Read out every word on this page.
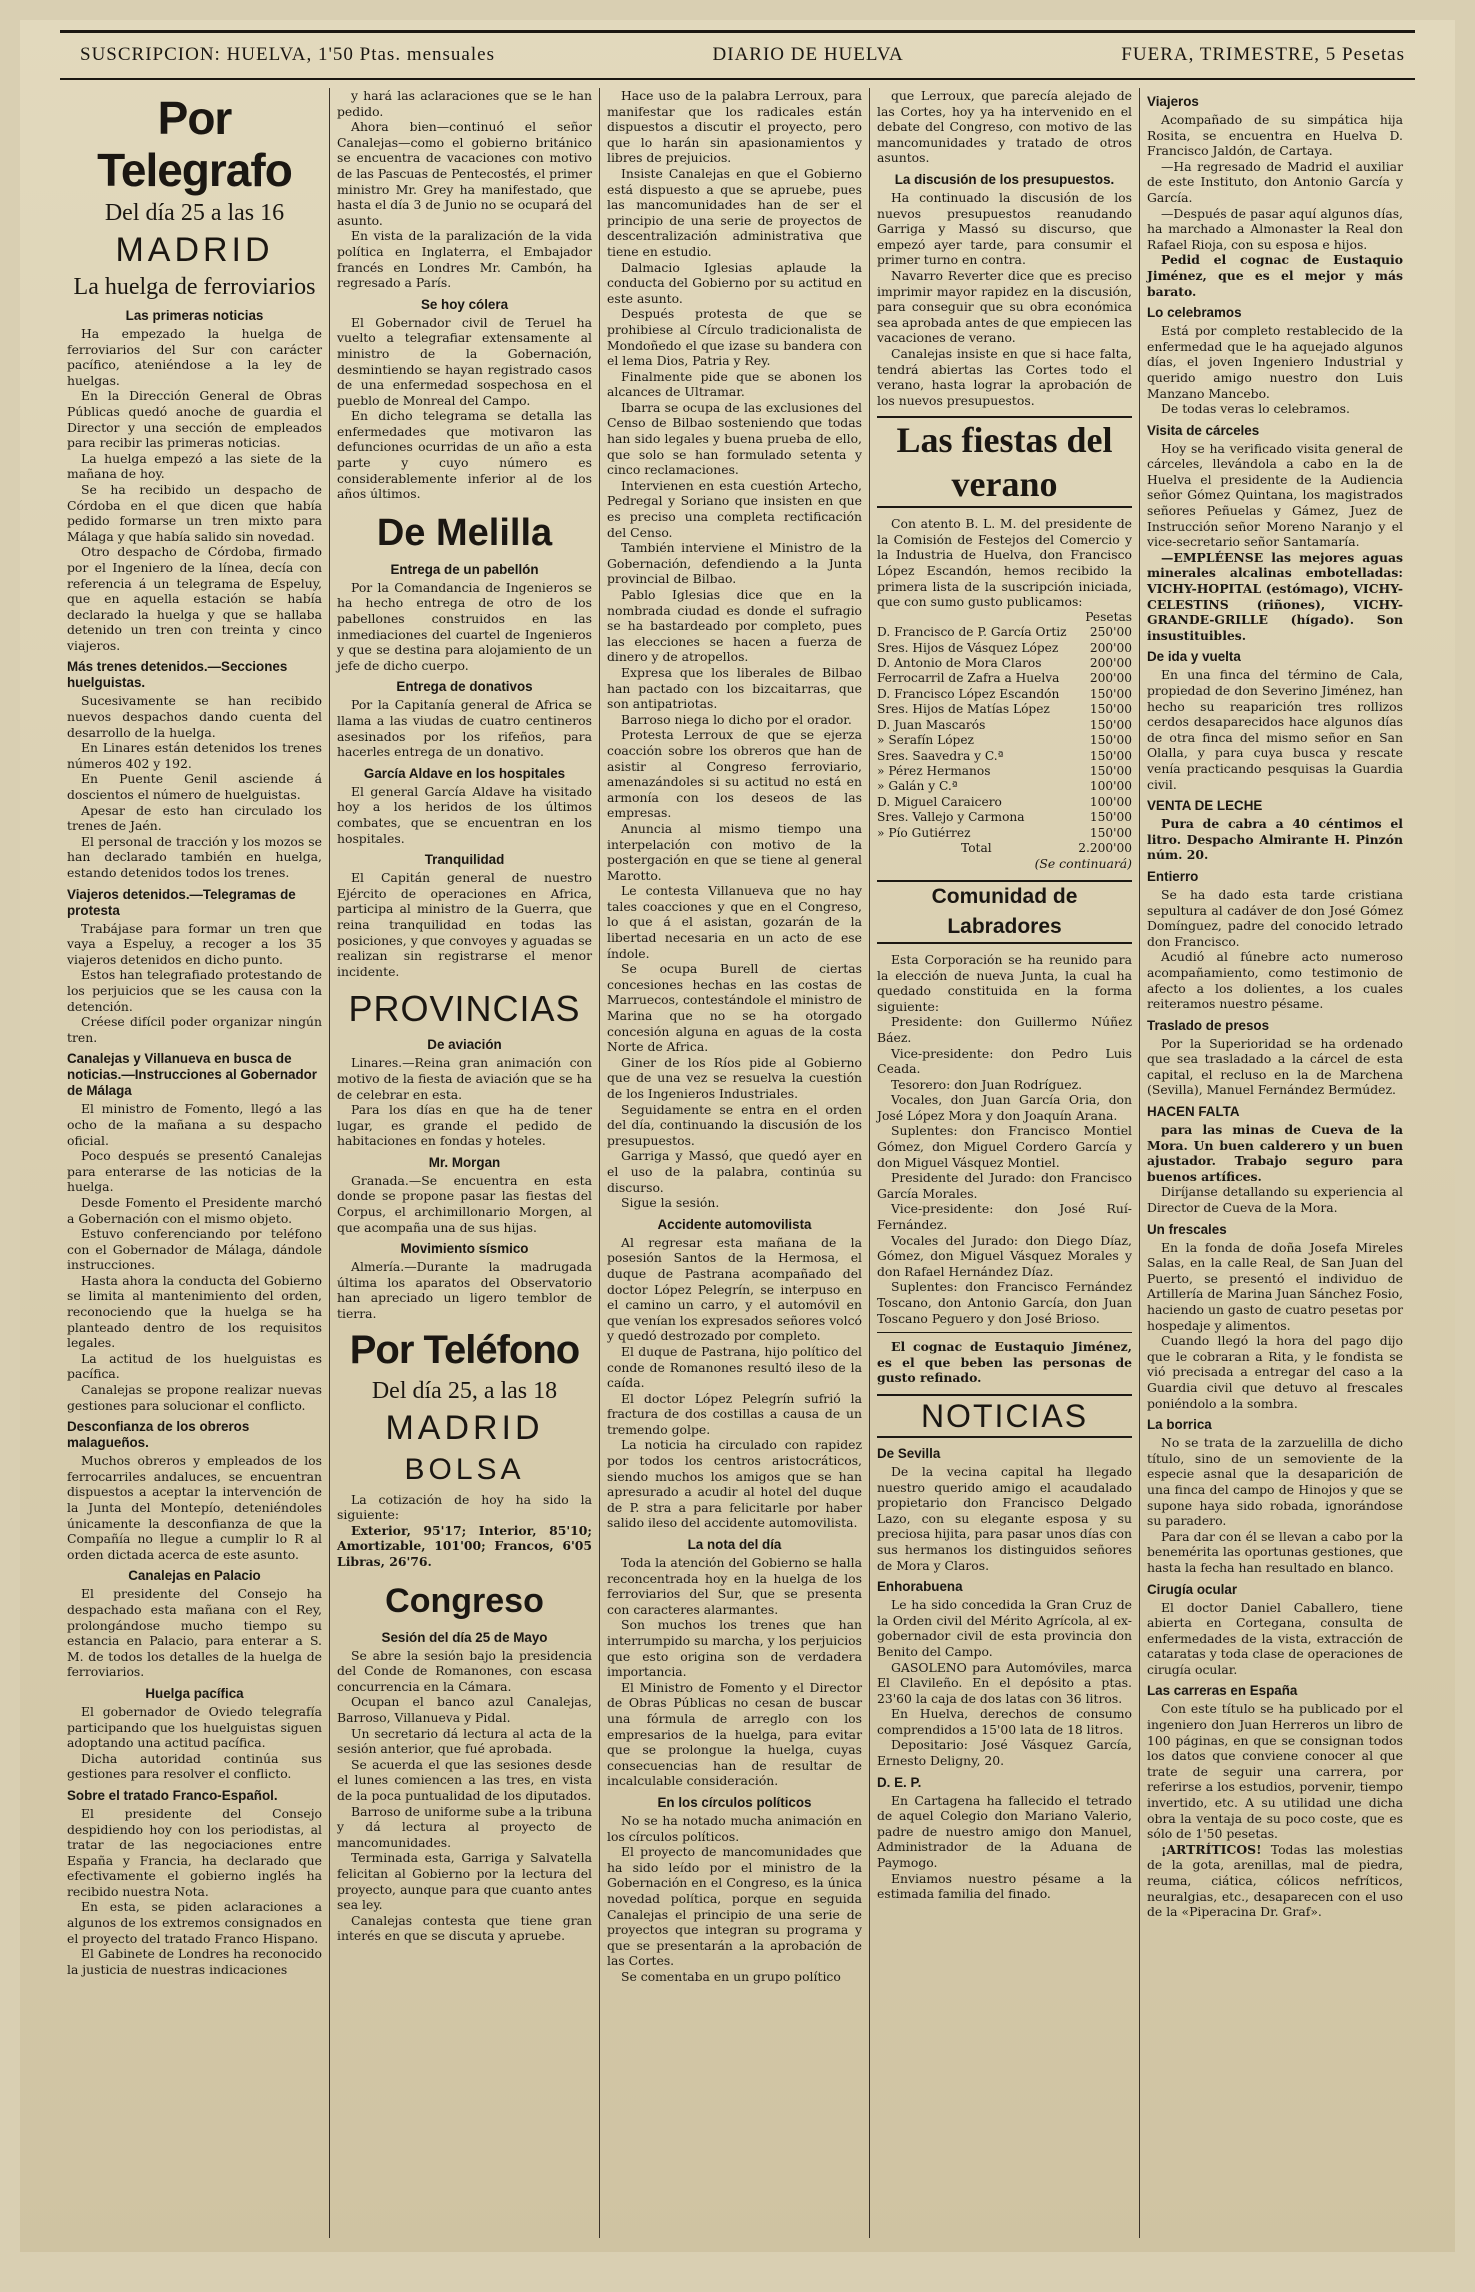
SUSCRIPCION: HUELVA, 1'50 Ptas. mensuales	DIARIO DE HUELVA	FUERA, TRIMESTRE, 5 Pesetas
Por Telegrafo
Del día 25 a las 16
MADRID
La huelga de ferroviarios
Las primeras noticias

Ha empezado la huelga de ferroviarios del Sur con carácter pacífico, ateniéndose a la ley de huelgas.

En la Dirección General de Obras Públicas quedó anoche de guardia el Director y una sección de empleados para recibir las primeras noticias.

La huelga empezó a las siete de la mañana de hoy.

Se ha recibido un despacho de Córdoba en el que dicen que había pedido formarse un tren mixto para Málaga y que había salido sin novedad.

Otro despacho de Córdoba, firmado por el Ingeniero de la línea, decía con referencia á un telegrama de Espeluy, que en aquella estación se había declarado la huelga y que se hallaba detenido un tren con treinta y cinco viajeros.

Más trenes detenidos.—Secciones huelguistas.

Sucesivamente se han recibido nuevos despachos dando cuenta del desarrollo de la huelga.

En Linares están detenidos los trenes números 402 y 192.

En Puente Genil asciende á doscientos el número de huelguistas.

Apesar de esto han circulado los trenes de Jaén.

El personal de tracción y los mozos se han declarado también en huelga, estando detenidos todos los trenes.

Viajeros detenidos.—Telegramas de protesta

Trabájase para formar un tren que vaya a Espeluy, a recoger a los 35 viajeros detenidos en dicho punto.

Estos han telegrafiado protestando de los perjuicios que se les causa con la detención.

Créese difícil poder organizar ningún tren.

Canalejas y Villanueva en busca de noticias.—Instrucciones al Gobernador de Málaga

El ministro de Fomento, llegó a las ocho de la mañana a su despacho oficial.

Poco después se presentó Canalejas para enterarse de las noticias de la huelga.

Desde Fomento el Presidente marchó a Gobernación con el mismo objeto.

Estuvo conferenciando por teléfono con el Gobernador de Málaga, dándole instrucciones.

Hasta ahora la conducta del Gobierno se limita al mantenimiento del orden, reconociendo que la huelga se ha planteado dentro de los requisitos legales.

La actitud de los huelguistas es pacífica.

Canalejas se propone realizar nuevas gestiones para solucionar el conflicto.

Desconfianza de los obreros malagueños.

Muchos obreros y empleados de los ferrocarriles andaluces, se encuentran dispuestos a aceptar la intervención de la Junta del Montepío, deteniéndoles únicamente la desconfianza de que la Compañía no llegue a cumplir lo R al orden dictada acerca de este asunto.

Canalejas en Palacio

El presidente del Consejo ha despachado esta mañana con el Rey, prolongándose mucho tiempo su estancia en Palacio, para enterar a S. M. de todos los detalles de la huelga de ferroviarios.

Huelga pacífica

El gobernador de Oviedo telegrafía participando que los huelguistas siguen adoptando una actitud pacífica.

Dicha autoridad continúa sus gestiones para resolver el conflicto.

Sobre el tratado Franco-Español.

El presidente del Consejo despidiendo hoy con los periodistas, al tratar de las negociaciones entre España y Francia, ha declarado que efectivamente el gobierno inglés ha recibido nuestra Nota.

En esta, se piden aclaraciones a algunos de los extremos consignados en el proyecto del tratado Franco Hispano.

El Gabinete de Londres ha reconocido la justicia de nuestras indicaciones

y hará las aclaraciones que se le han pedido.

Ahora bien—continuó el señor Canalejas—como el gobierno británico se encuentra de vacaciones con motivo de las Pascuas de Pentecostés, el primer ministro Mr. Grey ha manifestado, que hasta el día 3 de Junio no se ocupará del asunto.

En vista de la paralización de la vida política en Inglaterra, el Embajador francés en Londres Mr. Cambón, ha regresado a París.

Se hoy cólera

El Gobernador civil de Teruel ha vuelto a telegrafiar extensamente al ministro de la Gobernación, desmintiendo se hayan registrado casos de una enfermedad sospechosa en el pueblo de Monreal del Campo.

En dicho telegrama se detalla las enfermedades que motivaron las defunciones ocurridas de un año a esta parte y cuyo número es considerablemente inferior al de los años últimos.

De Melilla
Entrega de un pabellón

Por la Comandancia de Ingenieros se ha hecho entrega de otro de los pabellones construidos en las inmediaciones del cuartel de Ingenieros y que se destina para alojamiento de un jefe de dicho cuerpo.

Entrega de donativos

Por la Capitanía general de Africa se llama a las viudas de cuatro centineros asesinados por los rifeños, para hacerles entrega de un donativo.

García Aldave en los hospitales

El general García Aldave ha visitado hoy a los heridos de los últimos combates, que se encuentran en los hospitales.

Tranquilidad

El Capitán general de nuestro Ejército de operaciones en Africa, participa al ministro de la Guerra, que reina tranquilidad en todas las posiciones, y que convoyes y aguadas se realizan sin registrarse el menor incidente.

PROVINCIAS
De aviación

Linares.—Reina gran animación con motivo de la fiesta de aviación que se ha de celebrar en esta.

Para los días en que ha de tener lugar, es grande el pedido de habitaciones en fondas y hoteles.

Mr. Morgan

Granada.—Se encuentra en esta donde se propone pasar las fiestas del Corpus, el archimillonario Morgen, al que acompaña una de sus hijas.

Movimiento sísmico

Almería.—Durante la madrugada última los aparatos del Observatorio han apreciado un ligero temblor de tierra.

Por Teléfono
Del día 25, a las 18
MADRID
BOLSA

La cotización de hoy ha sido la siguiente:

Exterior, 95'17; Interior, 85'10; Amortizable, 101'00; Francos, 6'05 Libras, 26'76.

Congreso
Sesión del día 25 de Mayo

Se abre la sesión bajo la presidencia del Conde de Romanones, con escasa concurrencia en la Cámara.

Ocupan el banco azul Canalejas, Barroso, Villanueva y Pidal.

Un secretario dá lectura al acta de la sesión anterior, que fué aprobada.

Se acuerda el que las sesiones desde el lunes comiencen a las tres, en vista de la poca puntualidad de los diputados.

Barroso de uniforme sube a la tribuna y dá lectura al proyecto de mancomunidades.

Terminada esta, Garriga y Salvatella felicitan al Gobierno por la lectura del proyecto, aunque para que cuanto antes sea ley.

Canalejas contesta que tiene gran interés en que se discuta y apruebe.

Hace uso de la palabra Lerroux, para manifestar que los radicales están dispuestos a discutir el proyecto, pero que lo harán sin apasionamientos y libres de prejuicios.

Insiste Canalejas en que el Gobierno está dispuesto a que se apruebe, pues las mancomunidades han de ser el principio de una serie de proyectos de descentralización administrativa que tiene en estudio.

Dalmacio Iglesias aplaude la conducta del Gobierno por su actitud en este asunto.

Después protesta de que se prohibiese al Círculo tradicionalista de Mondoñedo el que izase su bandera con el lema Dios, Patria y Rey.

Finalmente pide que se abonen los alcances de Ultramar.

Ibarra se ocupa de las exclusiones del Censo de Bilbao sosteniendo que todas han sido legales y buena prueba de ello, que solo se han formulado setenta y cinco reclamaciones.

Intervienen en esta cuestión Artecho, Pedregal y Soriano que insisten en que es preciso una completa rectificación del Censo.

También interviene el Ministro de la Gobernación, defendiendo a la Junta provincial de Bilbao.

Pablo Iglesias dice que en la nombrada ciudad es donde el sufragio se ha bastardeado por completo, pues las elecciones se hacen a fuerza de dinero y de atropellos.

Expresa que los liberales de Bilbao han pactado con los bizcaitarras, que son antipatriotas.

Barroso niega lo dicho por el orador.

Protesta Lerroux de que se ejerza coacción sobre los obreros que han de asistir al Congreso ferroviario, amenazándoles si su actitud no está en armonía con los deseos de las empresas.

Anuncia al mismo tiempo una interpelación con motivo de la postergación en que se tiene al general Marotto.

Le contesta Villanueva que no hay tales coacciones y que en el Congreso, lo que á el asistan, gozarán de la libertad necesaria en un acto de ese índole.

Se ocupa Burell de ciertas concesiones hechas en las costas de Marruecos, contestándole el ministro de Marina que no se ha otorgado concesión alguna en aguas de la costa Norte de Africa.

Giner de los Ríos pide al Gobierno que de una vez se resuelva la cuestión de los Ingenieros Industriales.

Seguidamente se entra en el orden del día, continuando la discusión de los presupuestos.

Garriga y Massó, que quedó ayer en el uso de la palabra, continúa su discurso.

Sigue la sesión.

Accidente automovilista

Al regresar esta mañana de la posesión Santos de la Hermosa, el duque de Pastrana acompañado del doctor López Pelegrín, se interpuso en el camino un carro, y el automóvil en que venían los expresados señores volcó y quedó destrozado por completo.

El duque de Pastrana, hijo político del conde de Romanones resultó ileso de la caída.

El doctor López Pelegrín sufrió la fractura de dos costillas a causa de un tremendo golpe.

La noticia ha circulado con rapidez por todos los centros aristocráticos, siendo muchos los amigos que se han apresurado a acudir al hotel del duque de P. stra a para felicitarle por haber salido ileso del accidente automovilista.

La nota del día

Toda la atención del Gobierno se halla reconcentrada hoy en la huelga de los ferroviarios del Sur, que se presenta con caracteres alarmantes.

Son muchos los trenes que han interrumpido su marcha, y los perjuicios que esto origina son de verdadera importancia.

El Ministro de Fomento y el Director de Obras Públicas no cesan de buscar una fórmula de arreglo con los empresarios de la huelga, para evitar que se prolongue la huelga, cuyas consecuencias han de resultar de incalculable consideración.

En los círculos políticos

No se ha notado mucha animación en los círculos políticos.

El proyecto de mancomunidades que ha sido leído por el ministro de la Gobernación en el Congreso, es la única novedad política, porque en seguida Canalejas el principio de una serie de proyectos que integran su programa y que se presentarán a la aprobación de las Cortes.

Se comentaba en un grupo político

que Lerroux, que parecía alejado de las Cortes, hoy ya ha intervenido en el debate del Congreso, con motivo de las mancomunidades y tratado de otros asuntos.

La discusión de los presupuestos.

Ha continuado la discusión de los nuevos presupuestos reanudando Garriga y Massó su discurso, que empezó ayer tarde, para consumir el primer turno en contra.

Navarro Reverter dice que es preciso imprimir mayor rapidez en la discusión, para conseguir que su obra económica sea aprobada antes de que empiecen las vacaciones de verano.

Canalejas insiste en que si hace falta, tendrá abiertas las Cortes todo el verano, hasta lograr la aprobación de los nuevos presupuestos.

Las fiestas del verano

Con atento B. L. M. del presidente de la Comisión de Festejos del Comercio y la Industria de Huelva, don Francisco López Escandón, hemos recibido la primera lista de la suscripción iniciada, que con sumo gusto publicamos:

	Pesetas
D. Francisco de P. García Ortiz	250'00
Sres. Hijos de Vásquez López	200'00
D. Antonio de Mora Claros	200'00
Ferrocarril de Zafra a Huelva	200'00
D. Francisco López Escandón	150'00
Sres. Hijos de Matías López	150'00
D. Juan Mascarós	150'00
» Serafín López	150'00
Sres. Saavedra y C.ª	150'00
» Pérez Hermanos	150'00
» Galán y C.ª	100'00
D. Miguel Caraicero	100'00
Sres. Vallejo y Carmona	150'00
» Pío Gutiérrez	150'00
Total	2.200'00
(Se continuará)
Comunidad de Labradores

Esta Corporación se ha reunido para la elección de nueva Junta, la cual ha quedado constituida en la forma siguiente:

Presidente: don Guillermo Núñez Báez.

Vice-presidente: don Pedro Luis Ceada.

Tesorero: don Juan Rodríguez.

Vocales, don Juan García Oria, don José López Mora y don Joaquín Arana.

Suplentes: don Francisco Montiel Gómez, don Miguel Cordero García y don Miguel Vásquez Montiel.

Presidente del Jurado: don Francisco García Morales.

Vice-presidente: don José Ruí-Fernández.

Vocales del Jurado: don Diego Díaz, Gómez, don Miguel Vásquez Morales y don Rafael Hernández Díaz.

Suplentes: don Francisco Fernández Toscano, don Antonio García, don Juan Toscano Peguero y don José Brioso.

El cognac de Eustaquio Jiménez, es el que beben las personas de gusto refinado.

NOTICIAS
De Sevilla

De la vecina capital ha llegado nuestro querido amigo el acaudalado propietario don Francisco Delgado Lazo, con su elegante esposa y su preciosa hijita, para pasar unos días con sus hermanos los distinguidos señores de Mora y Claros.

Enhorabuena

Le ha sido concedida la Gran Cruz de la Orden civil del Mérito Agrícola, al ex-gobernador civil de esta provincia don Benito del Campo.

GASOLENO para Automóviles, marca El Clavileño. En el depósito a ptas. 23'60 la caja de dos latas con 36 litros.

En Huelva, derechos de consumo comprendidos a 15'00 lata de 18 litros.

Depositario: José Vásquez García, Ernesto Deligny, 20.

D. E. P.

En Cartagena ha fallecido el tetrado de aquel Colegio don Mariano Valerio, padre de nuestro amigo don Manuel, Administrador de la Aduana de Paymogo.

Enviamos nuestro pésame a la estimada familia del finado.

Viajeros

Acompañado de su simpática hija Rosita, se encuentra en Huelva D. Francisco Jaldón, de Cartaya.

—Ha regresado de Madrid el auxiliar de este Instituto, don Antonio García y García.

—Después de pasar aquí algunos días, ha marchado a Almonaster la Real don Rafael Rioja, con su esposa e hijos.

Pedid el cognac de Eustaquio Jiménez, que es el mejor y más barato.

Lo celebramos

Está por completo restablecido de la enfermedad que le ha aquejado algunos días, el joven Ingeniero Industrial y querido amigo nuestro don Luis Manzano Mancebo.

De todas veras lo celebramos.

Visita de cárceles

Hoy se ha verificado visita general de cárceles, llevándola a cabo en la de Huelva el presidente de la Audiencia señor Gómez Quintana, los magistrados señores Peñuelas y Gámez, Juez de Instrucción señor Moreno Naranjo y el vice-secretario señor Santamaría.

—EMPLÉENSE las mejores aguas minerales alcalinas embotelladas: VICHY-HOPITAL (estómago), VICHY-CELESTINS (riñones), VICHY-GRANDE-GRILLE (hígado). Son insustituibles.

De ida y vuelta

En una finca del término de Cala, propiedad de don Severino Jiménez, han hecho su reaparición tres rollizos cerdos desaparecidos hace algunos días de otra finca del mismo señor en San Olalla, y para cuya busca y rescate venía practicando pesquisas la Guardia civil.

VENTA DE LECHE

Pura de cabra a 40 céntimos el litro. Despacho Almirante H. Pinzón núm. 20.

Entierro

Se ha dado esta tarde cristiana sepultura al cadáver de don José Gómez Domínguez, padre del conocido letrado don Francisco.

Acudió al fúnebre acto numeroso acompañamiento, como testimonio de afecto a los dolientes, a los cuales reiteramos nuestro pésame.

Traslado de presos

Por la Superioridad se ha ordenado que sea trasladado a la cárcel de esta capital, el recluso en la de Marchena (Sevilla), Manuel Fernández Bermúdez.

HACEN FALTA

para las minas de Cueva de la Mora. Un buen calderero y un buen ajustador. Trabajo seguro para buenos artífices.

Diríjanse detallando su experiencia al Director de Cueva de la Mora.

Un frescales

En la fonda de doña Josefa Mireles Salas, en la calle Real, de San Juan del Puerto, se presentó el individuo de Artillería de Marina Juan Sánchez Fosio, haciendo un gasto de cuatro pesetas por hospedaje y alimentos.

Cuando llegó la hora del pago dijo que le cobraran a Rita, y le fondista se vió precisada a entregar del caso a la Guardia civil que detuvo al frescales poniéndolo a la sombra.

La borrica

No se trata de la zarzuelilla de dicho título, sino de un semoviente de la especie asnal que la desaparición de una finca del campo de Hinojos y que se supone haya sido robada, ignorándose su paradero.

Para dar con él se llevan a cabo por la benemérita las oportunas gestiones, que hasta la fecha han resultado en blanco.

Cirugía ocular

El doctor Daniel Caballero, tiene abierta en Cortegana, consulta de enfermedades de la vista, extracción de cataratas y toda clase de operaciones de cirugía ocular.

Las carreras en España

Con este título se ha publicado por el ingeniero don Juan Herreros un libro de 100 páginas, en que se consignan todos los datos que conviene conocer al que trate de seguir una carrera, por referirse a los estudios, porvenir, tiempo invertido, etc. A su utilidad une dicha obra la ventaja de su poco coste, que es sólo de 1'50 pesetas.

¡ARTRÍTICOS! Todas las molestias de la gota, arenillas, mal de piedra, reuma, ciática, cólicos nefríticos, neuralgias, etc., desaparecen con el uso de la «Piperacina Dr. Graf».
